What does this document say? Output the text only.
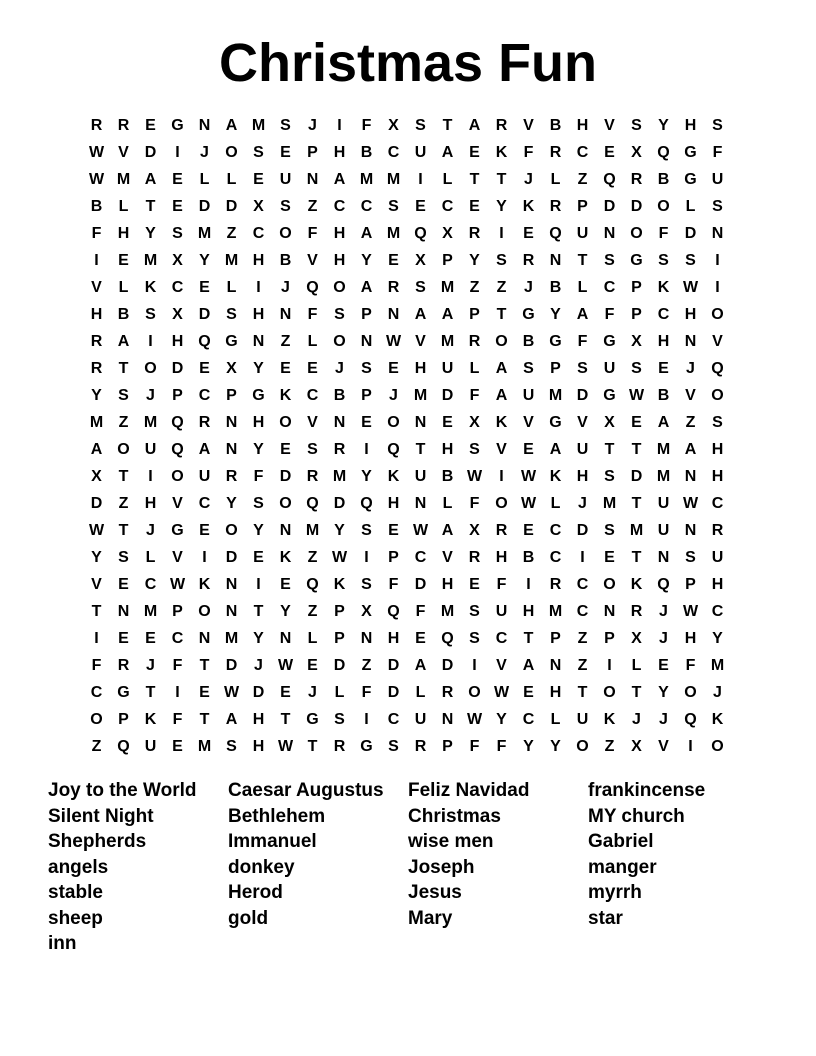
Christmas Fun
R R E G N A M S	J	I	F	X	S	T	A R V B H V	S	Y H S
W V D	I	J	O S	E	P H B C U A E K	F	R C E	X Q G F
W M A E	L	L	E U N A M M	I	L	T	T	J	L	Z Q R B G U
B	L	T	E D D X	S	Z	C C S	E C E	Y K R P D D O L	S
F	H Y	S M Z	C O F	H A M Q X R	I	E Q U N O F	D N
I	E M X	Y M H B V H Y	E	X	P	Y	S R N	T	S G S	S	I
V	L	K C E	L	I	J	Q O A R S M Z	Z	J	B	L	C P K W	I
H B S	X D S H N	F	S	P N A A P	T G Y A	F	P C H O
R A	I	H Q G N	Z	L O N W V M R O B G F G X H N V
R	T O D E	X	Y	E	E	J	S	E H U	L	A S	P	S U S	E	J	Q
Y	S	J	P C P G K C B P	J M D	F	A U M D G W B V O
M Z M Q R N H O V N E O N E	X K V G V	X	E A	Z	S
A O U Q A N Y	E	S R	I	Q T	H S	V	E A U	T	T M A H
X	T	I	O U R	F	D R M Y K U B W	I	W K H S D M N H
D	Z	H V C Y	S O Q D Q H N	L	F O W L	J M T	U W C
W T	J	G E O Y N M Y	S	E W A X R E C D S M U N R
Y	S	L	V	I	D E K	Z W	I	P C V R H B C	I	E	T	N S U
V	E C W K N	I	E Q K S	F	D H E	F	I	R C O K Q P H
T	N M P O N	T	Y	Z	P	X Q F M S U H M C N R	J W C
I	E	E C N M Y N	L	P N H E Q S C	T	P	Z	P	X	J	H Y
F	R	J	F	T	D	J W E D	Z	D A D	I	V A N	Z	I	L	E	F M
C G T	I	E W D E	J	L	F	D	L	R O W E H	T O T	Y O	J
O P K	F	T	A H	T G S	I	C U N W Y C	L	U K	J	J	Q K
Z Q U E M S H W T	R G S R P	F	F	Y	Y O Z	X	V	I	O
Joy to the World
Silent Night
Shepherds
angels
stable
sheep
inn
Caesar Augustus
Bethlehem
Immanuel
donkey
Herod
gold
Feliz Navidad
Christmas
wise men
Joseph
Jesus
Mary
frankincense
MY church
Gabriel
manger
myrrh
star
